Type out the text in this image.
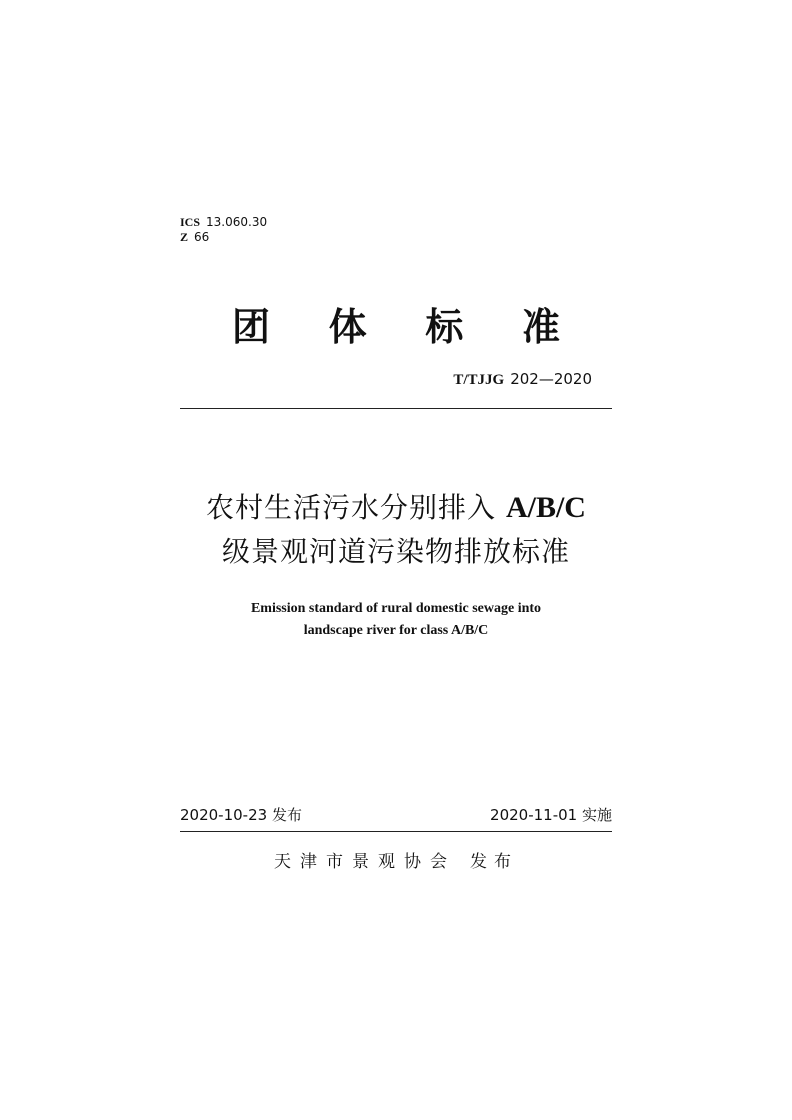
ICS 13.060.30
Z 66
团 体 标 准
T/TJJG 202—2020
农村生活污水分别排入 A/B/C
级景观河道污染物排放标准
Emission standard of rural domestic sewage into
landscape river for class A/B/C
2020-10-23 发布	2020-11-01 实施
天津市景观协会 发布
